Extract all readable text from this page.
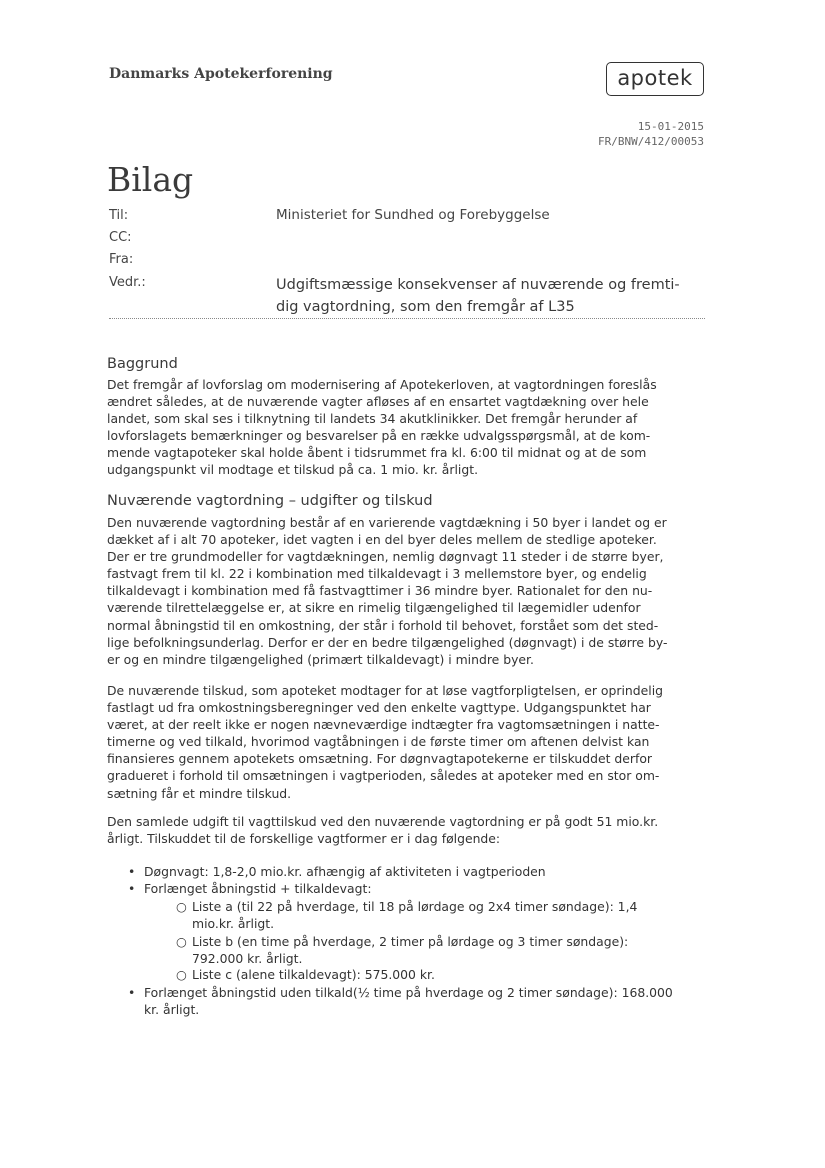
Danmarks Apotekerforening	apotek
15-01-2015
FR/BNW/412/00053
Bilag
Til:	Ministeriet for Sundhed og Forebyggelse
CC:
Fra:
Vedr.:	Udgiftsmæssige konsekvenser af nuværende og fremti-
dig vagtordning, som den fremgår af L35
Baggrund

Det fremgår af lovforslag om modernisering af Apotekerloven, at vagtordningen foreslås

ændret således, at de nuværende vagter afløses af en ensartet vagtdækning over hele

landet, som skal ses i tilknytning til landets 34 akutklinikker. Det fremgår herunder af

lovforslagets bemærkninger og besvarelser på en række udvalgsspørgsmål, at de kom-

mende vagtapoteker skal holde åbent i tidsrummet fra kl. 6:00 til midnat og at de som

udgangspunkt vil modtage et tilskud på ca. 1 mio. kr. årligt.

Nuværende vagtordning – udgifter og tilskud

Den nuværende vagtordning består af en varierende vagtdækning i 50 byer i landet og er

dækket af i alt 70 apoteker, idet vagten i en del byer deles mellem de stedlige apoteker.

Der er tre grundmodeller for vagtdækningen, nemlig døgnvagt 11 steder i de større byer,

fastvagt frem til kl. 22 i kombination med tilkaldevagt i 3 mellemstore byer, og endelig

tilkaldevagt i kombination med få fastvagttimer i 36 mindre byer. Rationalet for den nu-

værende tilrettelæggelse er, at sikre en rimelig tilgængelighed til lægemidler udenfor

normal åbningstid til en omkostning, der står i forhold til behovet, forstået som det sted-

lige befolkningsunderlag. Derfor er der en bedre tilgængelighed (døgnvagt) i de større by-

er og en mindre tilgængelighed (primært tilkaldevagt) i mindre byer.

De nuværende tilskud, som apoteket modtager for at løse vagtforpligtelsen, er oprindelig

fastlagt ud fra omkostningsberegninger ved den enkelte vagttype. Udgangspunktet har

været, at der reelt ikke er nogen nævneværdige indtægter fra vagtomsætningen i natte-

timerne og ved tilkald, hvorimod vagtåbningen i de første timer om aftenen delvist kan

finansieres gennem apotekets omsætning. For døgnvagtapotekerne er tilskuddet derfor

gradueret i forhold til omsætningen i vagtperioden, således at apoteker med en stor om-

sætning får et mindre tilskud.

Den samlede udgift til vagttilskud ved den nuværende vagtordning er på godt 51 mio.kr.

årligt. Tilskuddet til de forskellige vagtformer er i dag følgende:

• Døgnvagt: 1,8-2,0 mio.kr. afhængig af aktiviteten i vagtperioden
• Forlænget åbningstid + tilkaldevagt:
○ Liste a (til 22 på hverdage, til 18 på lørdage og 2x4 timer søndage): 1,4
mio.kr. årligt.
○ Liste b (en time på hverdage, 2 timer på lørdage og 3 timer søndage):
792.000 kr. årligt.
○ Liste c (alene tilkaldevagt): 575.000 kr.
• Forlænget åbningstid uden tilkald(½ time på hverdage og 2 timer søndage): 168.000
kr. årligt.
